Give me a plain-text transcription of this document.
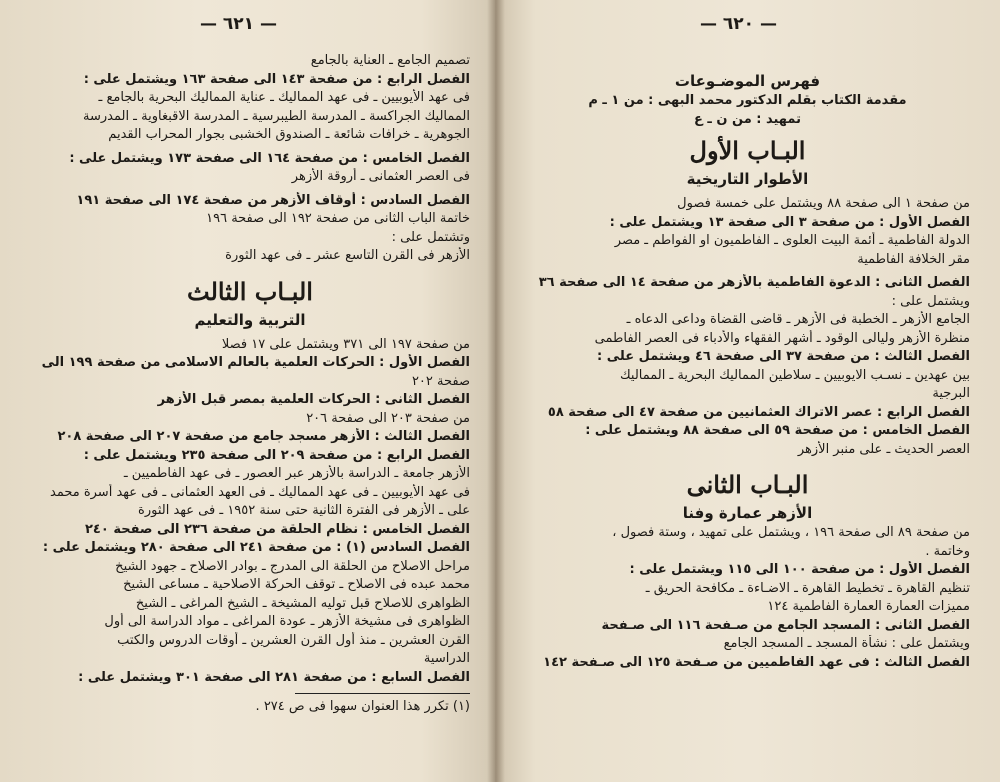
— ٦٢١ —
تصميم الجامع ـ العناية بالجامع
الفصل الرابع : من صفحة ١٤٣ الى صفحة ١٦٣ ويشتمل على :
فى عهد الأيوبيين ـ فى عهد المماليك ـ عناية المماليك البحرية بالجامع ـ
المماليك الجراكسة ـ المدرسة الطيبرسية ـ المدرسة الاقبغاوية ـ المدرسة
الجوهرية ـ خرافات شائعة ـ الصندوق الخشبى بجوار المحراب القديم
الفصل الخامس : من صفحة ١٦٤ الى صفحة ١٧٣ ويشتمل على :
فى العصر العثمانى ـ أروقة الأزهر
الفصل السادس : أوقاف الأزهر من صفحة ١٧٤ الى صفحة ١٩١
خاتمة الباب الثانى من صفحة ١٩٢ الى صفحة ١٩٦
وتشتمل على :
الأزهر فى القرن التاسع عشر ـ فى عهد الثورة
البـاب الثالث
التربية والتعليم
من صفحة ١٩٧ الى ٣٧١ ويشتمل على ١٧ فصلا
الفصل الأول : الحركات العلمية بالعالم الاسلامى من صفحة ١٩٩ الى
صفحة ٢٠٢
الفصل الثانى : الحركات العلمية بمصر قبل الأزهر
من صفحة ٢٠٣ الى صفحة ٢٠٦
الفصل الثالث : الأزهر مسجد جامع من صفحة ٢٠٧ الى صفحة ٢٠٨
الفصل الرابع : من صفحة ٢٠٩ الى صفحة ٢٣٥ ويشتمل على :
الأزهر جامعة ـ الدراسة بالأزهر عبر العصور ـ فى عهد الفاطميين ـ
فى عهد الأيوبيين ـ فى عهد المماليك ـ فى العهد العثمانى ـ فى عهد أسرة محمد
على ـ الأزهر فى الفترة الثانية حتى سنة ١٩٥٢ ـ فى عهد الثورة
الفصل الخامس : نظام الحلقة من صفحة ٢٣٦ الى صفحة ٢٤٠
الفصل السادس (١) : من صفحة ٢٤١ الى صفحة ٢٨٠ ويشتمل على :
مراحل الاصلاح من الحلقة الى المدرج ـ بوادر الاصلاح ـ جهود الشيخ
محمد عبده فى الاصلاح ـ توقف الحركة الاصلاحية ـ مساعى الشيخ
الظواهرى للاصلاح قبل توليه المشيخة ـ الشيخ المراغى ـ الشيخ
الظواهرى فى مشيخة الأزهر ـ عودة المراغى ـ مواد الدراسة الى أول
القرن العشرين ـ منذ أول القرن العشرين ـ أوقات الدروس والكتب
الدراسية
الفصل السابع : من صفحة ٢٨١ الى صفحة ٣٠١ ويشتمل على :
(١) تكرر هذا العنوان سهوا فى ص ٢٧٤ .
﻿
— ٦٢٠ —
فهرس الموضـوعات
مقدمة الكتاب بقلم الدكتور محمد البهى : من ١ ـ م
تمهيد : من ن ـ ع
البـاب الأول
الأطوار التاريخية
من صفحة ١ الى صفحة ٨٨ ويشتمل على خمسة فصول
الفصل الأول : من صفحة ٣ الى صفحة ١٣ ويشتمل على :
الدولة الفاطمية ـ أئمة البيت العلوى ـ الفاطميون او الفواطم ـ مصر
مقر الخلافة الفاطمية
الفصل الثانى : الدعوة الفاطمية بالأزهر من صفحة ١٤ الى صفحة ٣٦
ويشتمل على :
الجامع الأزهر ـ الخطبة فى الأزهر ـ قاضى القضاة وداعى الدعاه ـ
منظرة الأزهر وليالى الوقود ـ أشهر الفقهاء والأدباء فى العصر الفاطمى
الفصل الثالث : من صفحة ٣٧ الى صفحة ٤٦ ويشتمل على :
بين عهدين ـ نسـب الايوبيين ـ سلاطين المماليك البحرية ـ المماليك
البرجية
الفصل الرابع : عصر الاتراك العثمانيين من صفحة ٤٧ الى صفحة ٥٨
الفصل الخامس : من صفحة ٥٩ الى صفحة ٨٨ ويشتمل على :
العصر الحديث ـ على منبر الأزهر
البـاب الثانى
الأزهر عمارة وفنا
من صفحة ٨٩ الى صفحة ١٩٦ ، ويشتمل على تمهيد ، وستة فصول ،
وخاتمة .
الفصل الأول : من صفحة ١٠٠ الى ١١٥ ويشتمل على :
تنظيم القاهرة ـ تخطيط القاهرة ـ الاضـاءة ـ مكافحة الحريق ـ
مميزات العمارة العمارة الفاطمية ١٢٤
الفصل الثانى : المسجد الجامع من صـفحة ١١٦ الى صـفحة
ويشتمل على : نشأة المسجد ـ المسجد الجامع
الفصل الثالث : فى عهد الفاطميين من صـفحة ١٢٥ الى صـفحة ١٤٢
